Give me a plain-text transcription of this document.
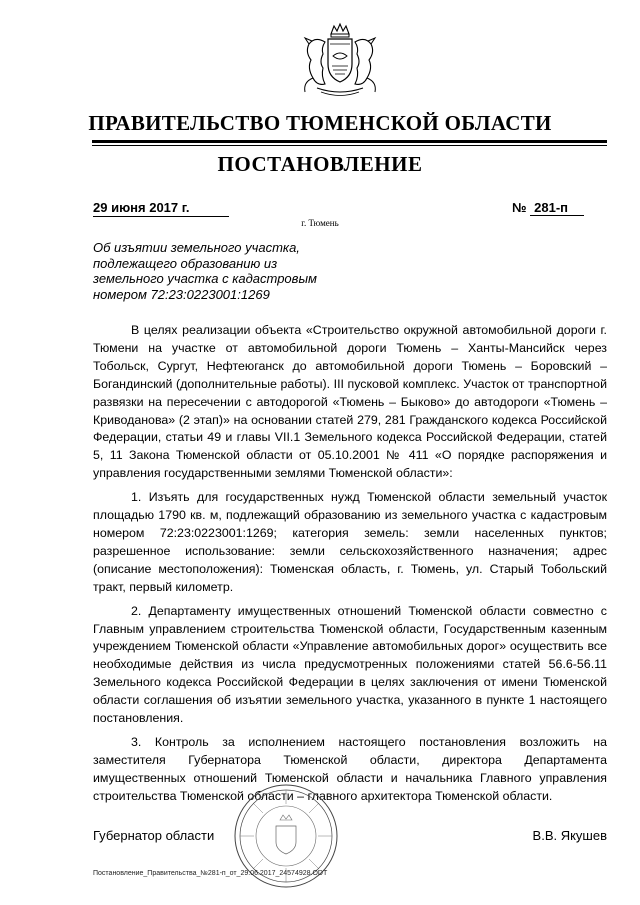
ПРАВИТЕЛЬСТВО ТЮМЕНСКОЙ ОБЛАСТИ
ПОСТАНОВЛЕНИЕ
29 июня 2017 г.	№ 281-п
г. Тюмень
Об изъятии земельного участка,
подлежащего образованию из
земельного участка с кадастровым
номером 72:23:0223001:1269

В целях реализации объекта «Строительство окружной автомобильной дороги г. Тюмени на участке от автомобильной дороги Тюмень – Ханты-Мансийск через Тобольск, Сургут, Нефтеюганск до автомобильной дороги Тюмень – Боровский – Богандинский (дополнительные работы). III пусковой комплекс. Участок от транспортной развязки на пересечении с автодорогой «Тюмень – Быково» до автодороги «Тюмень – Криводанова» (2 этап)» на основании статей 279, 281 Гражданского кодекса Российской Федерации, статьи 49 и главы VII.1 Земельного кодекса Российской Федерации, статей 5, 11 Закона Тюменской области от 05.10.2001 № 411 «О порядке распоряжения и управления государственными землями Тюменской области»:

1. Изъять для государственных нужд Тюменской области земельный участок площадью 1790 кв. м, подлежащий образованию из земельного участка с кадастровым номером 72:23:0223001:1269; категория земель: земли населенных пунктов; разрешенное использование: земли сельскохозяйственного назначения; адрес (описание местоположения): Тюменская область, г. Тюмень, ул. Старый Тобольский тракт, первый километр.

2. Департаменту имущественных отношений Тюменской области совместно с Главным управлением строительства Тюменской области, Государственным казенным учреждением Тюменской области «Управление автомобильных дорог» осуществить все необходимые действия из числа предусмотренных положениями статей 56.6-56.11 Земельного кодекса Российской Федерации в целях заключения от имени Тюменской области соглашения об изъятии земельного участка, указанного в пункте 1 настоящего постановления.

3. Контроль за исполнением настоящего постановления возложить на заместителя Губернатора Тюменской области, директора Департамента имущественных отношений Тюменской области и начальника Главного управления строительства Тюменской области – главного архитектора Тюменской области.

Губернатор области	В.В. Якушев
Постановление_Правительства_№281-п_от_29.06.2017_24574928.ODT
